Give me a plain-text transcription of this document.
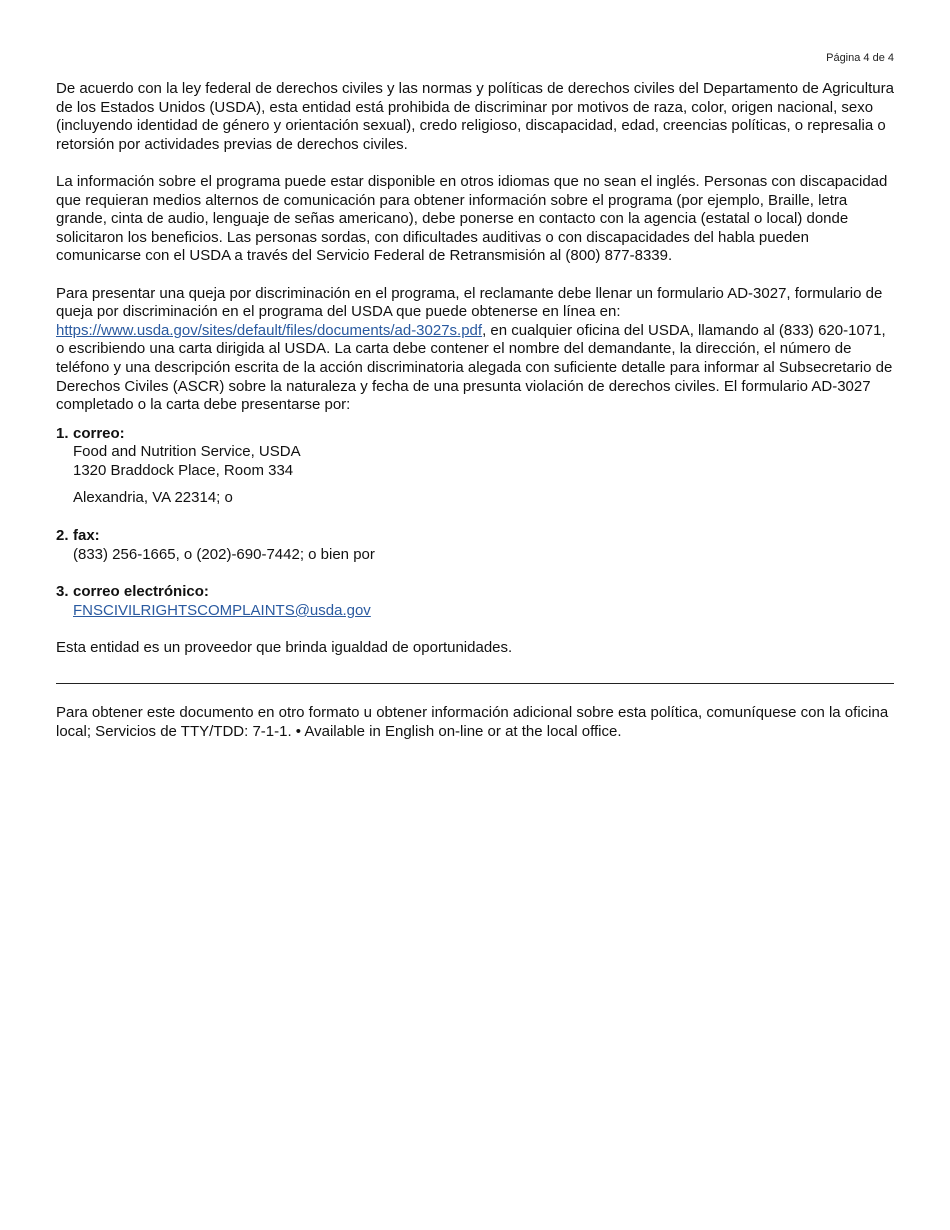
Página 4 de 4

De acuerdo con la ley federal de derechos civiles y las normas y políticas de derechos civiles del Departamento de Agricultura de los Estados Unidos (USDA), esta entidad está prohibida de discriminar por motivos de raza, color, origen nacional, sexo (incluyendo identidad de género y orientación sexual), credo religioso, discapacidad, edad, creencias políticas, o represalia o retorsión por actividades previas de derechos civiles.

La información sobre el programa puede estar disponible en otros idiomas que no sean el inglés. Personas con discapacidad que requieran medios alternos de comunicación para obtener información sobre el programa (por ejemplo, Braille, letra grande, cinta de audio, lenguaje de señas americano), debe ponerse en contacto con la agencia (estatal o local) donde solicitaron los beneficios. Las personas sordas, con dificultades auditivas o con discapacidades del habla pueden comunicarse con el USDA a través del Servicio Federal de Retransmisión al (800) 877-8339.

Para presentar una queja por discriminación en el programa, el reclamante debe llenar un formulario AD-3027, formulario de queja por discriminación en el programa del USDA que puede obtenerse en línea en: https://www.usda.gov/sites/default/files/documents/ad-3027s.pdf, en cualquier oficina del USDA, llamando al (833) 620-1071, o escribiendo una carta dirigida al USDA. La carta debe contener el nombre del demandante, la dirección, el número de teléfono y una descripción escrita de la acción discriminatoria alegada con suficiente detalle para informar al Subsecretario de Derechos Civiles (ASCR) sobre la naturaleza y fecha de una presunta violación de derechos civiles. El formulario AD-3027 completado o la carta debe presentarse por:

1. correo:
Food and Nutrition Service, USDA
1320 Braddock Place, Room 334
Alexandria, VA 22314; o
2. fax:
(833) 256-1665, o (202)-690-7442; o bien por
3. correo electrónico:
FNSCIVILRIGHTSCOMPLAINTS@usda.gov

Esta entidad es un proveedor que brinda igualdad de oportunidades.

Para obtener este documento en otro formato u obtener información adicional sobre esta política, comuníquese con la oficina local; Servicios de TTY/TDD: 7-1-1. • Available in English on-line or at the local office.
